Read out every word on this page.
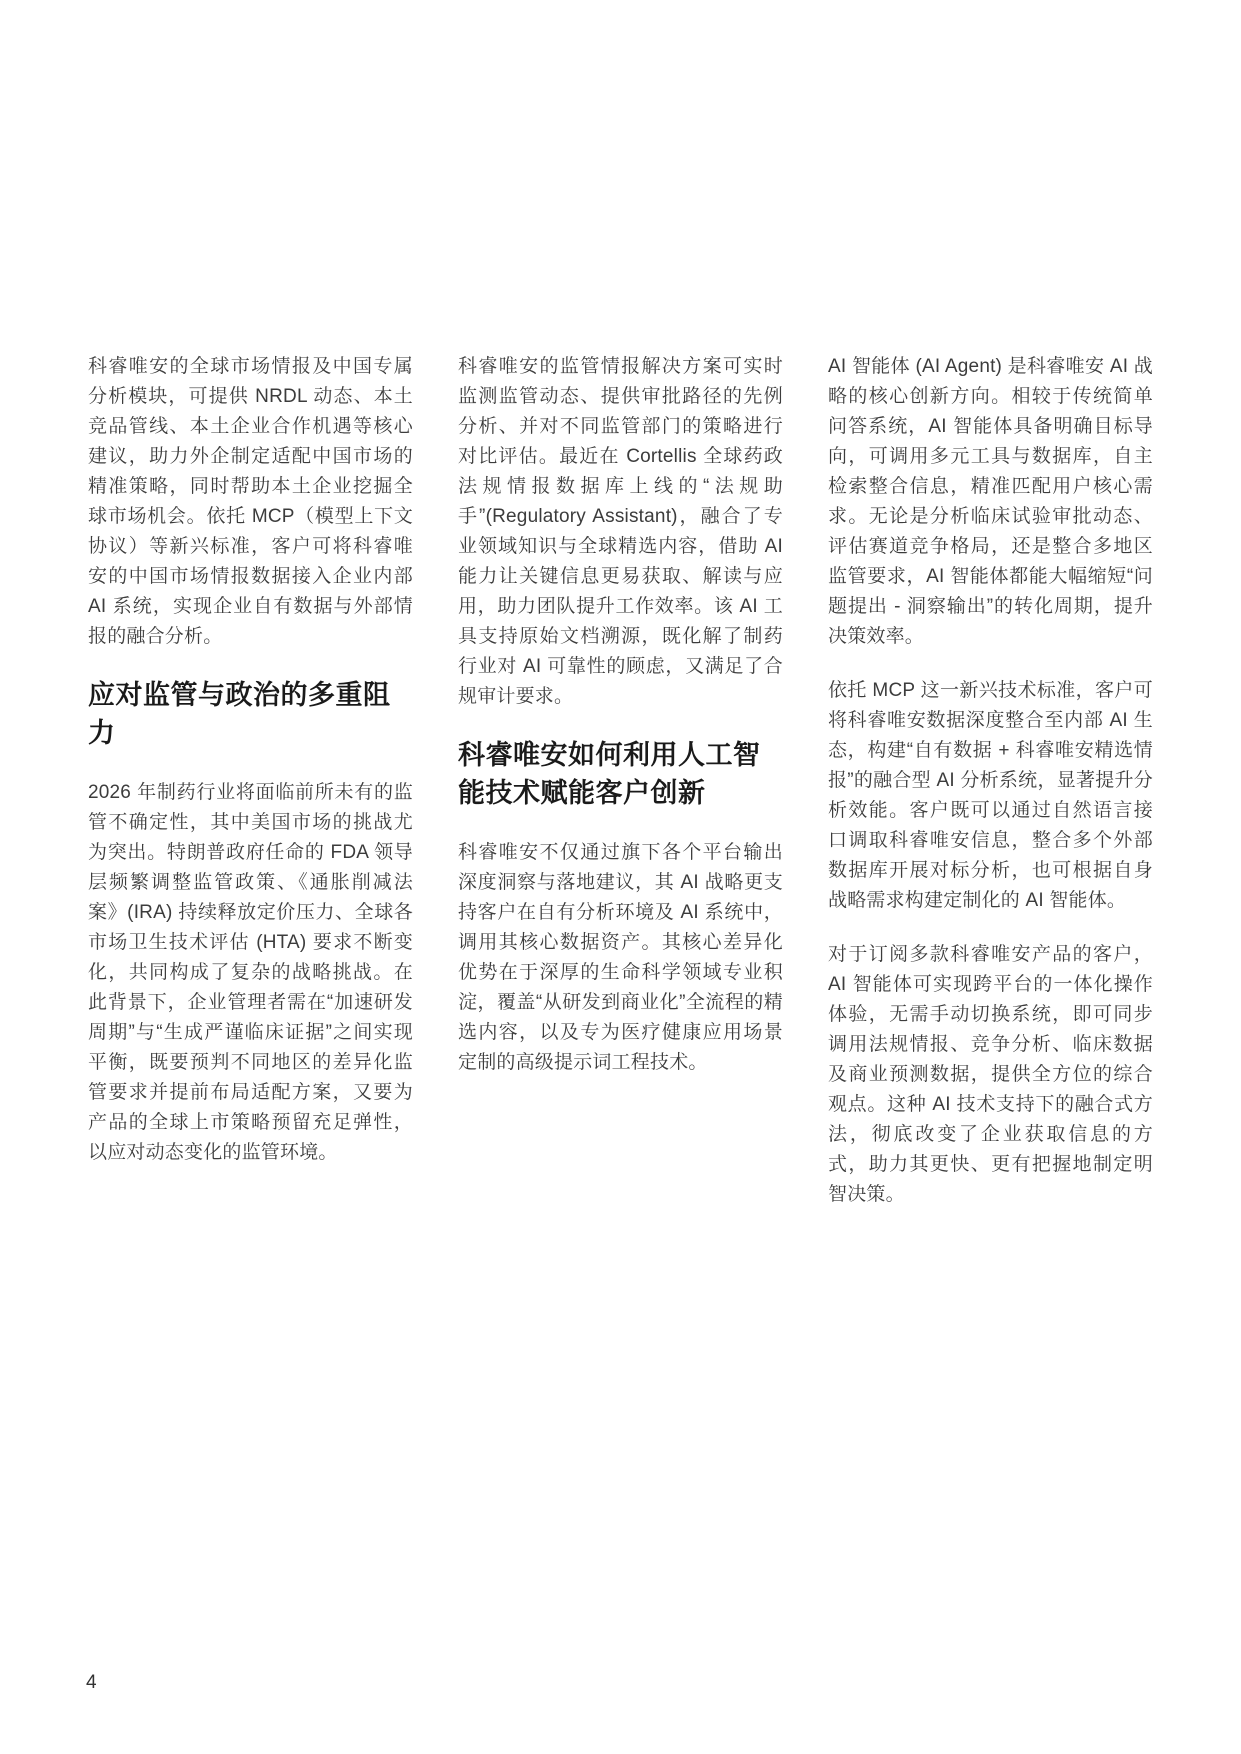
科睿唯安的全球市场情报及中国专属分析模块，可提供 NRDL 动态、本土竞品管线、本土企业合作机遇等核心建议，助力外企制定适配中国市场的精准策略，同时帮助本土企业挖掘全球市场机会。依托 MCP（模型上下文协议）等新兴标准，客户可将科睿唯安的中国市场情报数据接入企业内部 AI 系统，实现企业自有数据与外部情报的融合分析。

应对监管与政治的多重阻力

2026 年制药行业将面临前所未有的监管不确定性，其中美国市场的挑战尤为突出。特朗普政府任命的 FDA 领导层频繁调整监管政策、《通胀削减法案》(IRA) 持续释放定价压力、全球各市场卫生技术评估 (HTA) 要求不断变化，共同构成了复杂的战略挑战。在此背景下，企业管理者需在“加速研发周期”与“生成严谨临床证据”之间实现平衡，既要预判不同地区的差异化监管要求并提前布局适配方案，又要为产品的全球上市策略预留充足弹性，以应对动态变化的监管环境。

科睿唯安的监管情报解决方案可实时监测监管动态、提供审批路径的先例分析、并对不同监管部门的策略进行对比评估。最近在 Cortellis 全球药政法规情报数据库上线的“法规助手”(Regulatory Assistant)，融合了专业领域知识与全球精选内容，借助 AI 能力让关键信息更易获取、解读与应用，助力团队提升工作效率。该 AI 工具支持原始文档溯源，既化解了制药行业对 AI 可靠性的顾虑，又满足了合规审计要求。

科睿唯安如何利用人工智能技术赋能客户创新

科睿唯安不仅通过旗下各个平台输出深度洞察与落地建议，其 AI 战略更支持客户在自有分析环境及 AI 系统中，调用其核心数据资产。其核心差异化优势在于深厚的生命科学领域专业积淀，覆盖“从研发到商业化”全流程的精选内容，以及专为医疗健康应用场景定制的高级提示词工程技术。

AI 智能体 (AI Agent) 是科睿唯安 AI 战略的核心创新方向。相较于传统简单问答系统，AI 智能体具备明确目标导向，可调用多元工具与数据库，自主检索整合信息，精准匹配用户核心需求。无论是分析临床试验审批动态、评估赛道竞争格局，还是整合多地区监管要求，AI 智能体都能大幅缩短“问题提出 - 洞察输出”的转化周期，提升决策效率。

依托 MCP 这一新兴技术标准，客户可将科睿唯安数据深度整合至内部 AI 生态，构建“自有数据 + 科睿唯安精选情报”的融合型 AI 分析系统，显著提升分析效能。客户既可以通过自然语言接口调取科睿唯安信息，整合多个外部数据库开展对标分析，也可根据自身战略需求构建定制化的 AI 智能体。

对于订阅多款科睿唯安产品的客户，AI 智能体可实现跨平台的一体化操作体验，无需手动切换系统，即可同步调用法规情报、竞争分析、临床数据及商业预测数据，提供全方位的综合观点。这种 AI 技术支持下的融合式方法，彻底改变了企业获取信息的方式，助力其更快、更有把握地制定明智决策。

4
